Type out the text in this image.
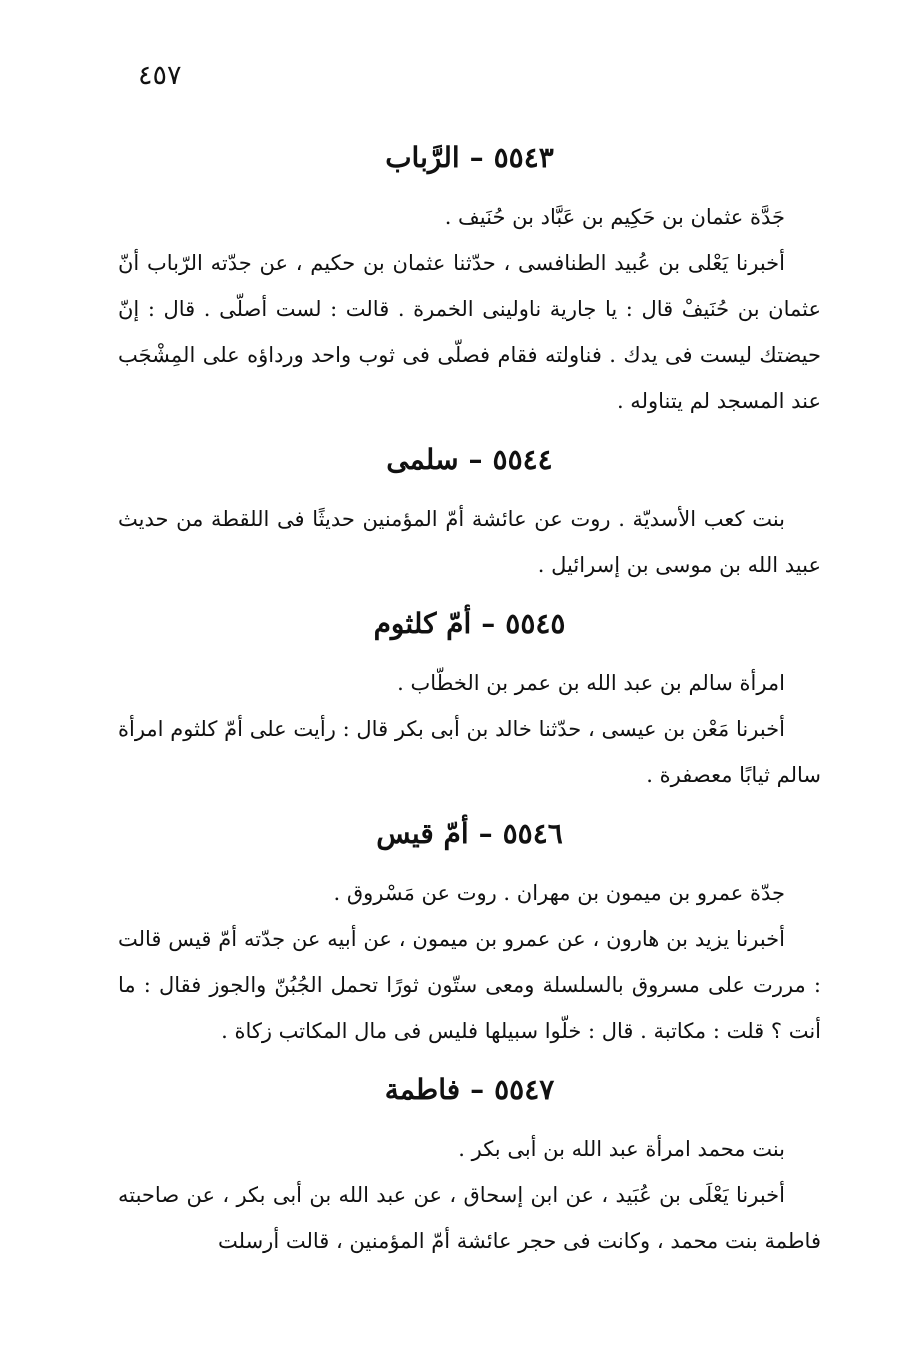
٤٥٧
٥٥٤٣–الرَّباب

جَدَّة عثمان بن حَكِيم بن عَبَّاد بن حُنَيف .

أخبرنا يَعْلى بن عُبيد الطنافسى ، حدّثنا عثمان بن حكيم ، عن جدّته الرّباب أنّ عثمان بن حُنَيفْ قال : يا جارية ناولينى الخمرة . قالت : لست أصلّى . قال : إنّ حيضتك ليست فى يدك . فناولته فقام فصلّى فى ثوب واحد ورداؤه على المِشْجَب عند المسجد لم يتناوله .

٥٥٤٤–سلمى

بنت كعب الأسديّة . روت عن عائشة أمّ المؤمنين حديثًا فى اللقطة من حديث عبيد الله بن موسى بن إسرائيل .

٥٥٤٥–أمّ كلثوم

امرأة سالم بن عبد الله بن عمر بن الخطّاب .

أخبرنا مَعْن بن عيسى ، حدّثنا خالد بن أبى بكر قال : رأيت على أمّ كلثوم امرأة سالم ثيابًا معصفرة .

٥٥٤٦–أمّ قيس

جدّة عمرو بن ميمون بن مهران . روت عن مَسْروق .

أخبرنا يزيد بن هارون ، عن عمرو بن ميمون ، عن أبيه عن جدّته أمّ قيس قالت : مررت على مسروق بالسلسلة ومعى ستّون ثورًا تحمل الجُبُنّ والجوز فقال : ما أنت ؟ قلت : مكاتبة . قال : خلّوا سبيلها فليس فى مال المكاتب زكاة .

٥٥٤٧–فاطمة

بنت محمد امرأة عبد الله بن أبى بكر .

أخبرنا يَعْلَى بن عُبَيد ، عن ابن إسحاق ، عن عبد الله بن أبى بكر ، عن صاحبته فاطمة بنت محمد ، وكانت فى حجر عائشة أمّ المؤمنين ، قالت أرسلت
